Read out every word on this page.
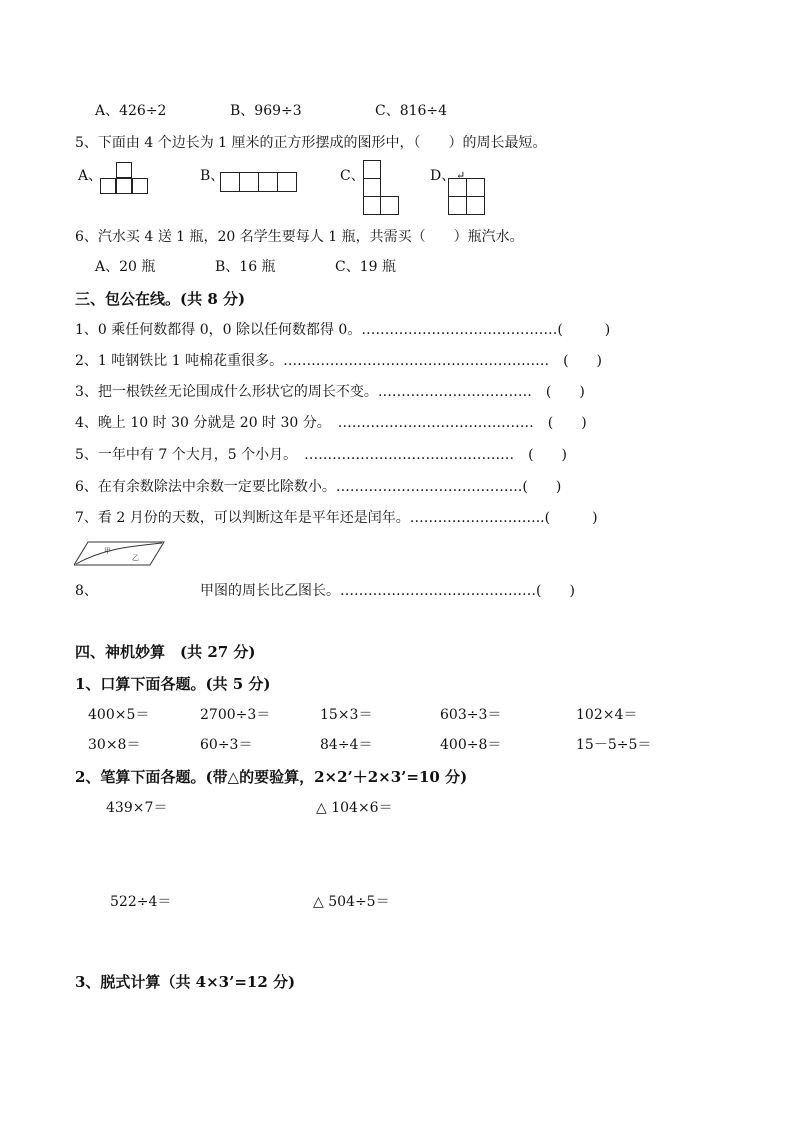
A、426÷2	B、969÷3	C、816÷4
5、下面由 4 个边长为 1 厘米的正方形摆成的图形中，（　　）的周长最短。
A、	B、	C、	D、 ↵
6、汽水买 4 送 1 瓶，20 名学生要每人 1 瓶，共需买（　　）瓶汽水。
A、20 瓶	B、16 瓶	C、19 瓶
三、包公在线。(共 8 分)
1、0 乘任何数都得 0，0 除以任何数都得 0。……………………………………(　　　)
2、1 吨钢铁比 1 吨棉花重很多。…………………………………………………　(　　)
3、把一根铁丝无论围成什么形状它的周长不变。……………………………　(　　)
4、晚上 10 时 30 分就是 20 时 30 分。　……………………………………　(　　)
5、一年中有 7 个大月，5 个小月。　………………………………………　(　　)
6、在有余数除法中余数一定要比除数小。………………………………….(　　)
7、看 2 月份的天数，可以判断这年是平年还是闰年。………………………..(　　　)
甲
乙
8、	甲图的周长比乙图长。……………………………………(　　)
四、神机妙算　(共 27 分)
1、口算下面各题。(共 5 分)
400×5＝	2700÷3＝	15×3＝	603÷3＝	102×4＝
30×8＝	60÷3＝	84÷4＝	400÷8＝	15－5÷5＝
2、笔算下面各题。(带△的要验算，2×2’＋2×3’=10 分)
439×7＝	△ 104×6＝
522÷4＝	△ 504÷5＝
3、脱式计算（共 4×3’=12 分)
